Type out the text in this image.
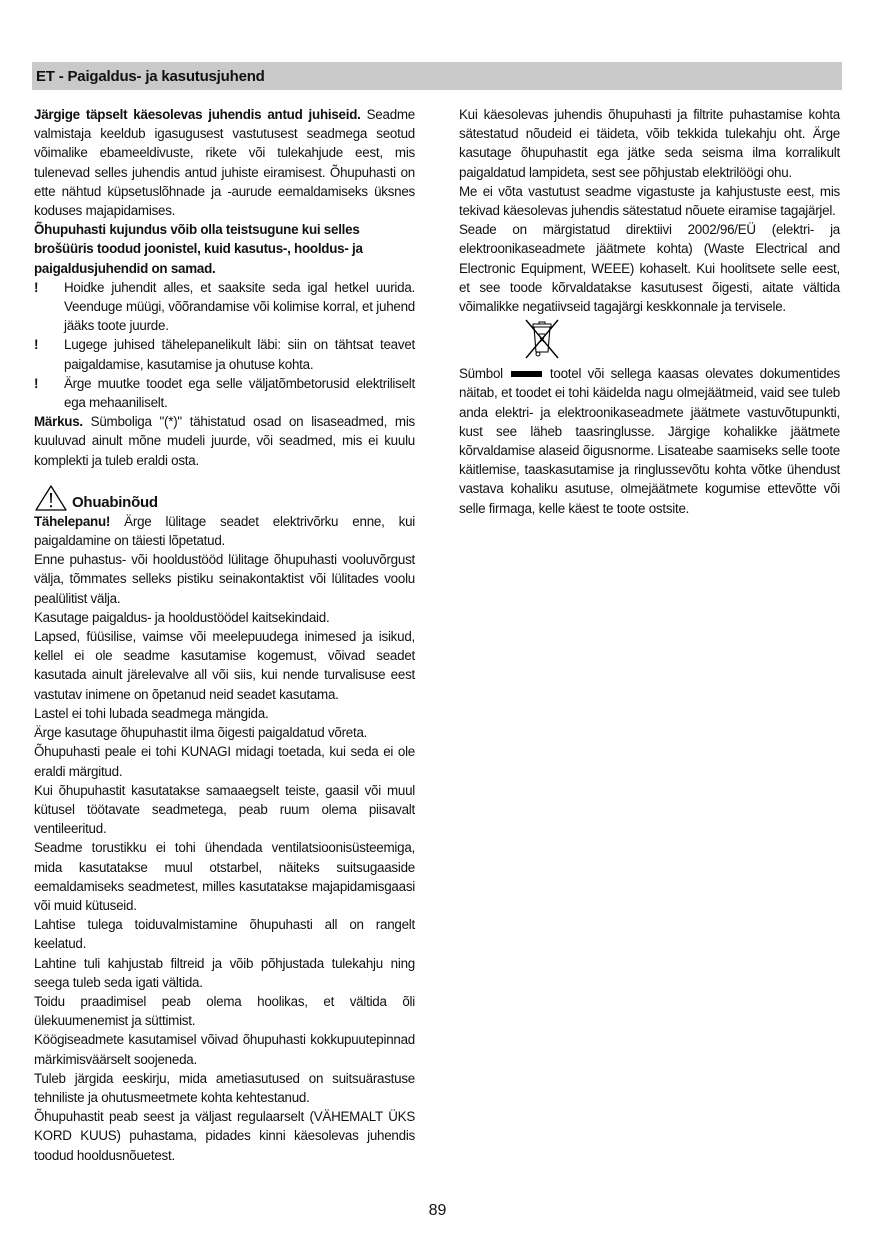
ET - Paigaldus- ja kasutusjuhend

Järgige täpselt käesolevas juhendis antud juhiseid. Seadme valmistaja keeldub igasugusest vastutusest seadmega seotud võimalike ebameeldivuste, rikete või tulekahjude eest, mis tulenevad selles juhendis antud juhiste eiramisest. Õhupuhasti on ette nähtud küpsetuslõhnade ja -aurude eemaldamiseks üksnes koduses majapidamises.

Õhupuhasti kujundus võib olla teistsugune kui selles brošüüris toodud joonistel, kuid kasutus-, hooldus- ja paigaldusjuhendid on samad.

!	Hoidke juhendit alles, et saaksite seda igal hetkel uurida. Veenduge müügi, võõrandamise või kolimise korral, et juhend jääks toote juurde.
!	Lugege juhised tähelepanelikult läbi: siin on tähtsat teavet paigaldamise, kasutamise ja ohutuse kohta.
!	Ärge muutke toodet ega selle väljatõmbetorusid elektriliselt ega mehaaniliselt.

Märkus. Sümboliga "(*)" tähistatud osad on lisaseadmed, mis kuuluvad ainult mõne mudeli juurde, või seadmed, mis ei kuulu komplekti ja tuleb eraldi osta.

Ohuabinõud

Tähelepanu! Ärge lülitage seadet elektrivõrku enne, kui paigaldamine on täiesti lõpetatud.

Enne puhastus- või hooldustööd lülitage õhupuhasti vooluvõrgust välja, tõmmates selleks pistiku seinakontaktist või lülitades voolu pealülitist välja.

Kasutage paigaldus- ja hooldustöödel kaitsekindaid.

Lapsed, füüsilise, vaimse või meelepuudega inimesed ja isikud, kellel ei ole seadme kasutamise kogemust, võivad seadet kasutada ainult järelevalve all või siis, kui nende turvalisuse eest vastutav inimene on õpetanud neid seadet kasutama.

Lastel ei tohi lubada seadmega mängida.

Ärge kasutage õhupuhastit ilma õigesti paigaldatud võreta.

Õhupuhasti peale ei tohi KUNAGI midagi toetada, kui seda ei ole eraldi märgitud.

Kui õhupuhastit kasutatakse samaaegselt teiste, gaasil või muul kütusel töötavate seadmetega, peab ruum olema piisavalt ventileeritud.

Seadme torustikku ei tohi ühendada ventilatsioonisüsteemiga, mida kasutatakse muul otstarbel, näiteks suitsugaaside eemaldamiseks seadmetest, milles kasutatakse majapidamisgaasi või muid kütuseid.

Lahtise tulega toiduvalmistamine õhupuhasti all on rangelt keelatud.

Lahtine tuli kahjustab filtreid ja võib põhjustada tulekahju ning seega tuleb seda igati vältida.

Toidu praadimisel peab olema hoolikas, et vältida õli ülekuumenemist ja süttimist.

Köögiseadmete kasutamisel võivad õhupuhasti kokkupuutepinnad märkimisväärselt soojeneda.

Tuleb järgida eeskirju, mida ametiasutused on suitsuärastuse tehniliste ja ohutusmeetmete kohta kehtestanud.

Õhupuhastit peab seest ja väljast regulaarselt (VÄHEMALT ÜKS KORD KUUS) puhastama, pidades kinni käesolevas juhendis toodud hooldusnõuetest.

Kui käesolevas juhendis õhupuhasti ja filtrite puhastamise kohta sätestatud nõudeid ei täideta, võib tekkida tulekahju oht. Ärge kasutage õhupuhastit ega jätke seda seisma ilma korralikult paigaldatud lampideta, sest see põhjustab elektrilöögi ohu.

Me ei võta vastutust seadme vigastuste ja kahjustuste eest, mis tekivad käesolevas juhendis sätestatud nõuete eiramise tagajärjel.

Seade on märgistatud direktiivi 2002/96/EÜ (elektri- ja elektroonikaseadmete jäätmete kohta) (Waste Electrical and Electronic Equipment, WEEE) kohaselt. Kui hoolitsete selle eest, et see toode kõrvaldatakse kasutusest õigesti, aitate vältida võimalikke negatiivseid tagajärgi keskkonnale ja tervisele.

Sümbol	tootel või sellega kaasas olevates dokumentides näitab, et toodet ei tohi käidelda nagu olmejäätmeid, vaid see tuleb anda elektri- ja elektroonikaseadmete jäätmete vastuvõtupunkti, kust see läheb taasringlusse. Järgige kohalikke jäätmete kõrvaldamise alaseid õigusnorme. Lisateabe saamiseks selle toote käitlemise, taaskasutamise ja ringlussevõtu kohta võtke ühendust vastava kohaliku asutuse, olmejäätmete kogumise ettevõtte või selle firmaga, kelle käest te toote ostsite.

89
